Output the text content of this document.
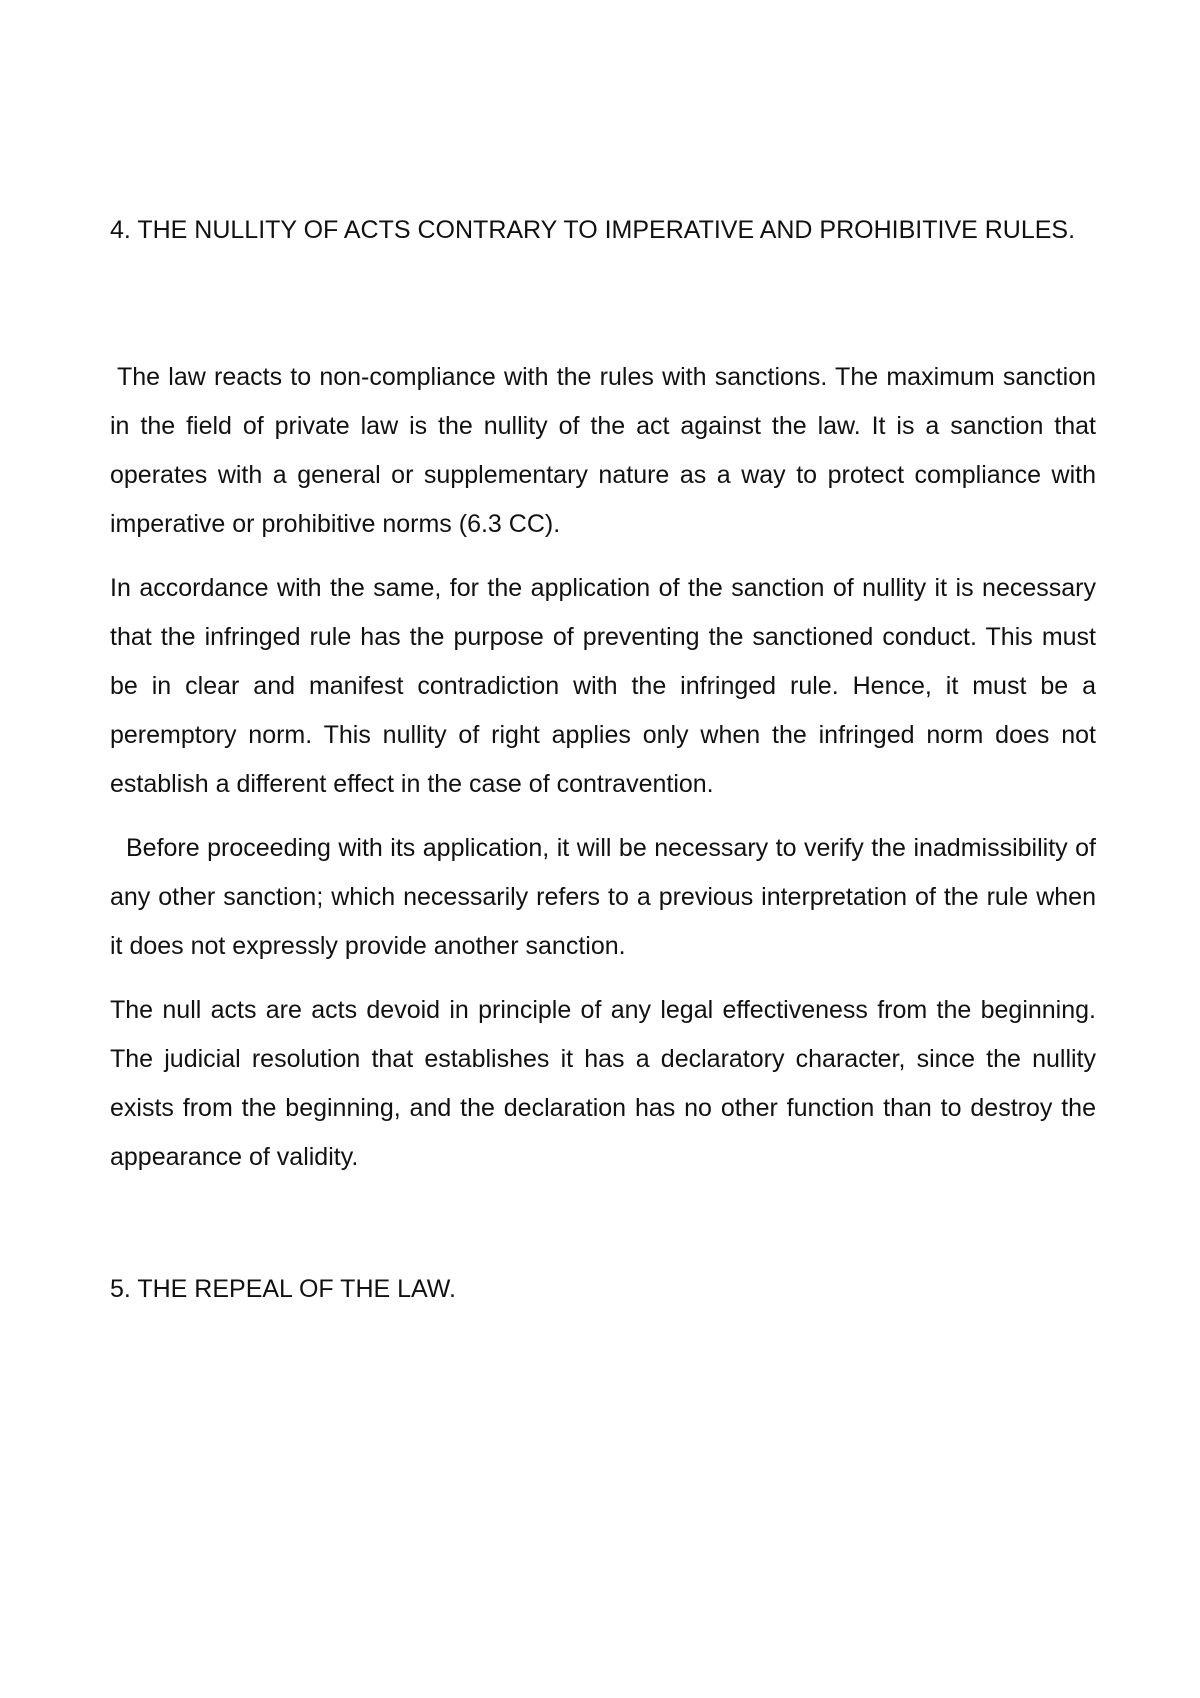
4. THE NULLITY OF ACTS CONTRARY TO IMPERATIVE AND PROHIBITIVE RULES.

The law reacts to non-compliance with the rules with sanctions. The maximum sanction in the field of private law is the nullity of the act against the law. It is a sanction that operates with a general or supplementary nature as a way to protect compliance with imperative or prohibitive norms (6.3 CC).

In accordance with the same, for the application of the sanction of nullity it is necessary that the infringed rule has the purpose of preventing the sanctioned conduct. This must be in clear and manifest contradiction with the infringed rule. Hence, it must be a peremptory norm. This nullity of right applies only when the infringed norm does not establish a different effect in the case of contravention.

Before proceeding with its application, it will be necessary to verify the inadmissibility of any other sanction; which necessarily refers to a previous interpretation of the rule when it does not expressly provide another sanction.

The null acts are acts devoid in principle of any legal effectiveness from the beginning. The judicial resolution that establishes it has a declaratory character, since the nullity exists from the beginning, and the declaration has no other function than to destroy the appearance of validity.

5. THE REPEAL OF THE LAW.
